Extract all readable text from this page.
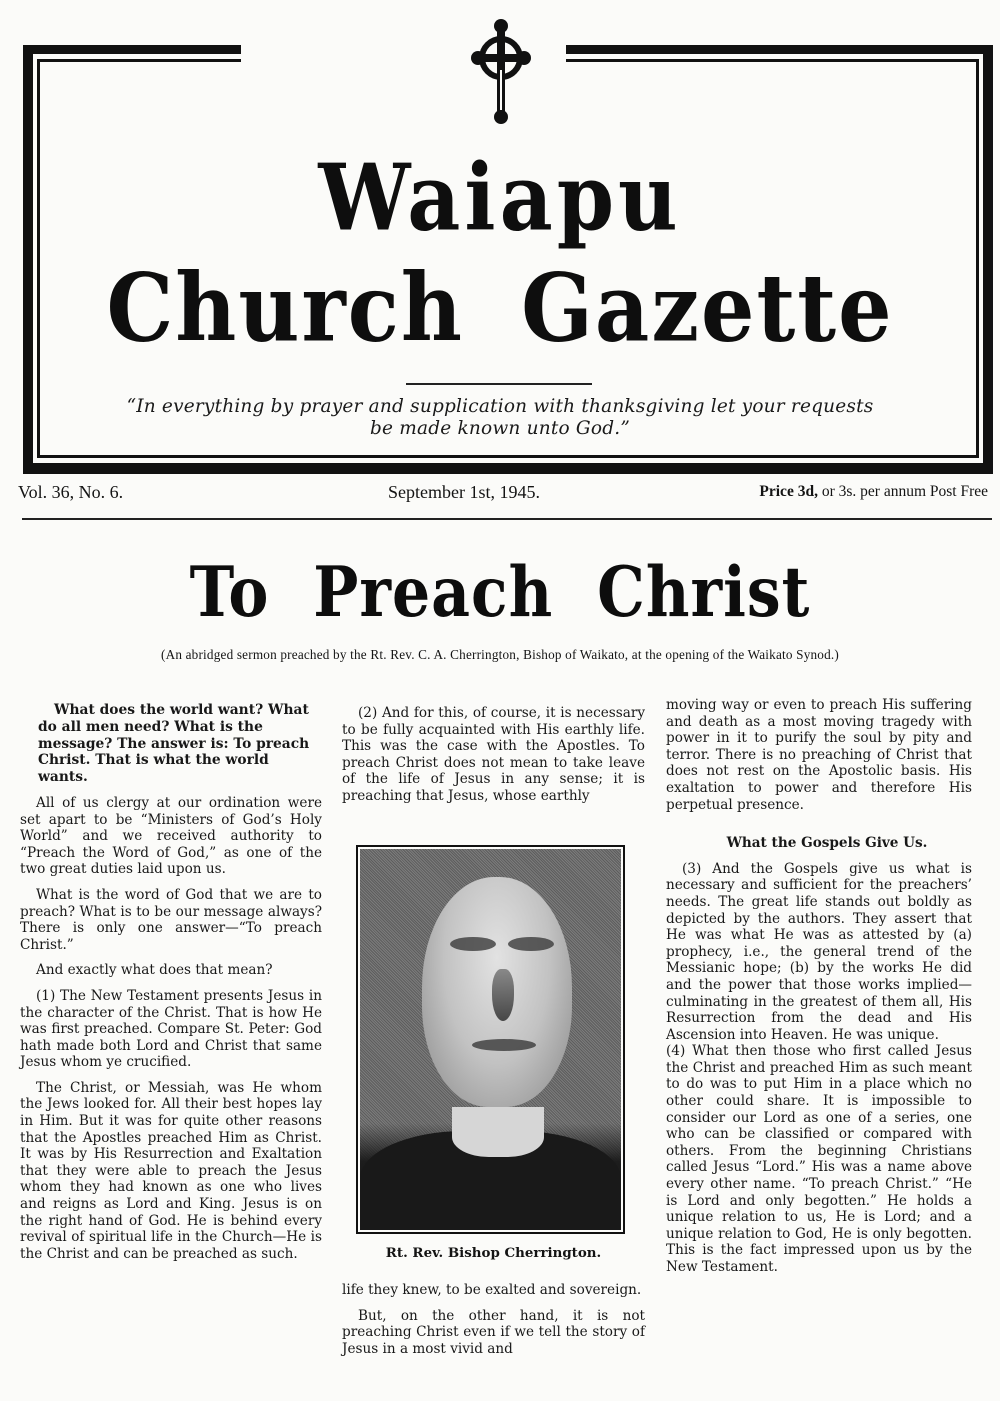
Waiapu
Church Gazette
“In everything by prayer and supplication with thanksgiving let your requests
be made known unto God.”
Vol. 36, No. 6.	September 1st, 1945.	Price 3d, or 3s. per annum Post Free
To Preach Christ
(An abridged sermon preached by the Rt. Rev. C. A. Cherrington, Bishop of Waikato, at the opening of the Waikato Synod.)

What does the world want? What do all men need? What is the message? The answer is: To preach Christ. That is what the world wants.

All of us clergy at our ordination were set apart to be “Ministers of God’s Holy World” and we received authority to “Preach the Word of God,” as one of the two great duties laid upon us.

What is the word of God that we are to preach? What is to be our message always? There is only one answer—“To preach Christ.”

And exactly what does that mean?

(1) The New Testament presents Jesus in the character of the Christ. That is how He was first preached. Compare St. Peter: God hath made both Lord and Christ that same Jesus whom ye crucified.

The Christ, or Messiah, was He whom the Jews looked for. All their best hopes lay in Him. But it was for quite other reasons that the Apostles preached Him as Christ. It was by His Resurrection and Exaltation that they were able to preach the Jesus whom they had known as one who lives and reigns as Lord and King. Jesus is on the right hand of God. He is behind every revival of spiritual life in the Church—He is the Christ and can be preached as such.

(2) And for this, of course, it is necessary to be fully acquainted with His earthly life. This was the case with the Apostles. To preach Christ does not mean to take leave of the life of Jesus in any sense; it is preaching that Jesus, whose earthly

Rt. Rev. Bishop Cherrington.

life they knew, to be exalted and sovereign.

But, on the other hand, it is not preaching Christ even if we tell the story of Jesus in a most vivid and

moving way or even to preach His suffering and death as a most moving tragedy with power in it to purify the soul by pity and terror. There is no preaching of Christ that does not rest on the Apostolic basis. His exaltation to power and therefore His perpetual presence.

What the Gospels Give Us.

(3) And the Gospels give us what is necessary and sufficient for the preachers’ needs. The great life stands out boldly as depicted by the authors. They assert that He was what He was as attested by (a) prophecy, i.e., the general trend of the Messianic hope; (b) by the works He did and the power that those works implied—culminating in the greatest of them all, His Resurrection from the dead and His Ascension into Heaven. He was unique.

(4) What then those who first called Jesus the Christ and preached Him as such meant to do was to put Him in a place which no other could share. It is impossible to consider our Lord as one of a series, one who can be classified or compared with others. From the beginning Christians called Jesus “Lord.” His was a name above every other name. “To preach Christ.” “He is Lord and only begotten.” He holds a unique relation to us, He is Lord; and a unique relation to God, He is only begotten. This is the fact impressed upon us by the New Testament.
